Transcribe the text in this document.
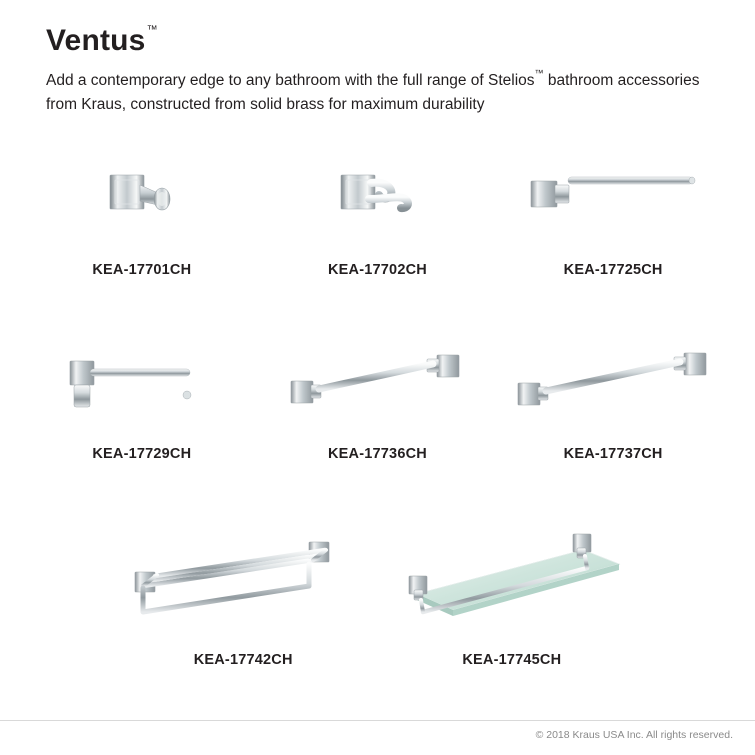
Ventus™
Add a contemporary edge to any bathroom with the full range of Stelios™ bathroom accessories from Kraus, constructed from solid brass for maximum durability
KEA-17701CH	KEA-17702CH	KEA-17725CH
KEA-17729CH	KEA-17736CH	KEA-17737CH
KEA-17742CH	KEA-17745CH
© 2018 Kraus USA Inc. All rights reserved.
